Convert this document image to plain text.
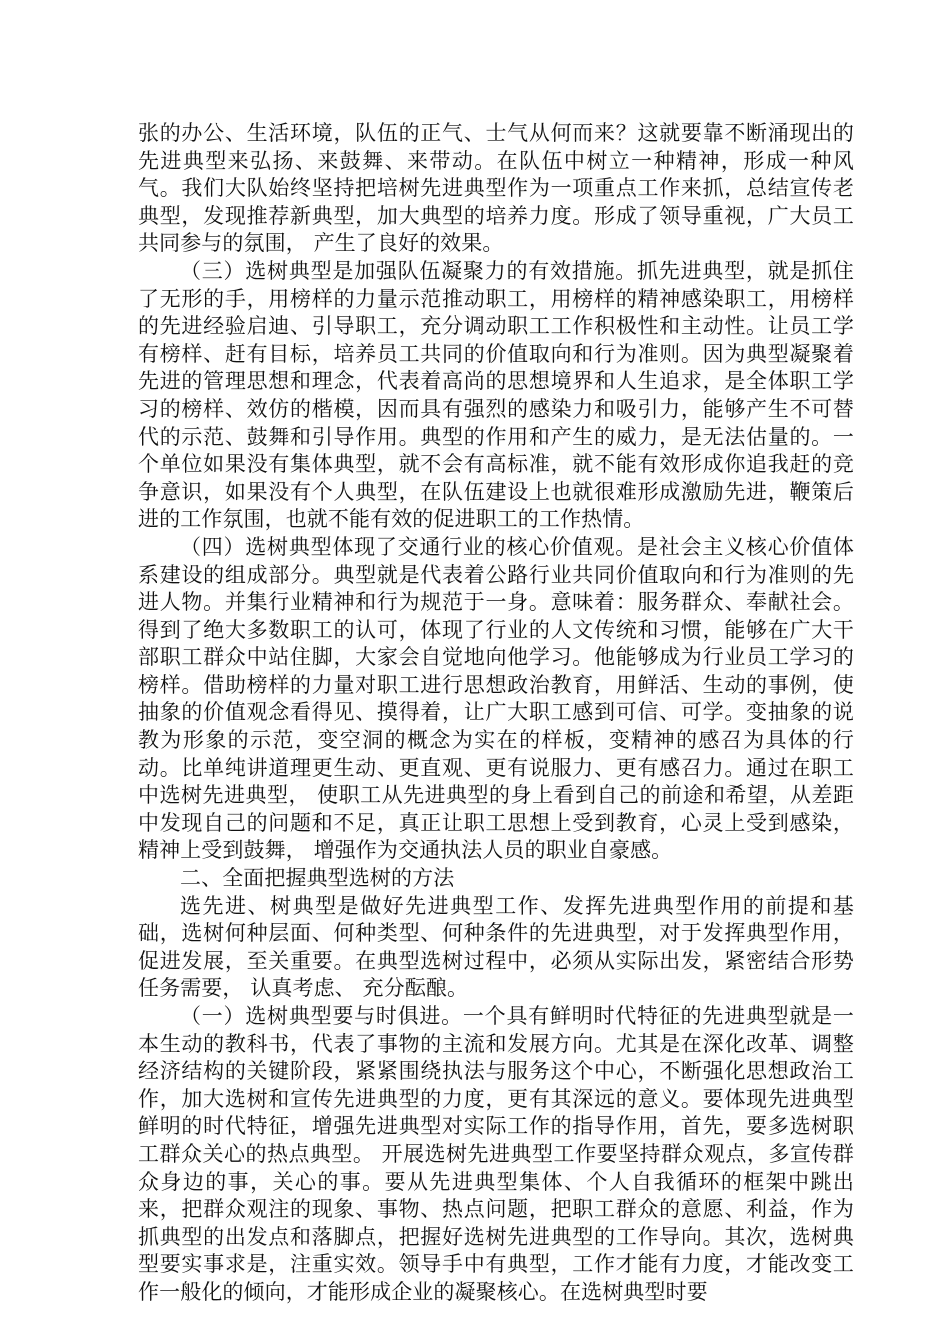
张的办公、生活环境，队伍的正气、士气从何而来？这就要靠不断涌现出的先进典型来弘扬、来鼓舞、来带动。在队伍中树立一种精神，形成一种风气。我们大队始终坚持把培树先进典型作为一项重点工作来抓，总结宣传老典型，发现推荐新典型，加大典型的培养力度。形成了领导重视，广大员工共同参与的氛围， 产生了良好的效果。

（三）选树典型是加强队伍凝聚力的有效措施。抓先进典型，就是抓住了无形的手，用榜样的力量示范推动职工，用榜样的精神感染职工，用榜样的先进经验启迪、引导职工，充分调动职工工作积极性和主动性。让员工学有榜样、赶有目标，培养员工共同的价值取向和行为准则。因为典型凝聚着先进的管理思想和理念，代表着高尚的思想境界和人生追求，是全体职工学习的榜样、效仿的楷模，因而具有强烈的感染力和吸引力，能够产生不可替代的示范、鼓舞和引导作用。典型的作用和产生的威力，是无法估量的。一个单位如果没有集体典型，就不会有高标准，就不能有效形成你追我赶的竞争意识，如果没有个人典型，在队伍建设上也就很难形成激励先进，鞭策后进的工作氛围，也就不能有效的促进职工的工作热情。

（四）选树典型体现了交通行业的核心价值观。是社会主义核心价值体系建设的组成部分。典型就是代表着公路行业共同价值取向和行为准则的先进人物。并集行业精神和行为规范于一身。意味着：服务群众、奉献社会。得到了绝大多数职工的认可，体现了行业的人文传统和习惯，能够在广大干部职工群众中站住脚，大家会自觉地向他学习。他能够成为行业员工学习的榜样。借助榜样的力量对职工进行思想政治教育，用鲜活、生动的事例，使抽象的价值观念看得见、摸得着，让广大职工感到可信、可学。变抽象的说教为形象的示范，变空洞的概念为实在的样板，变精神的感召为具体的行动。比单纯讲道理更生动、更直观、更有说服力、更有感召力。通过在职工中选树先进典型， 使职工从先进典型的身上看到自己的前途和希望，从差距中发现自己的问题和不足，真正让职工思想上受到教育，心灵上受到感染， 精神上受到鼓舞， 增强作为交通执法人员的职业自豪感。

二、全面把握典型选树的方法

选先进、树典型是做好先进典型工作、发挥先进典型作用的前提和基础，选树何种层面、何种类型、何种条件的先进典型，对于发挥典型作用，促进发展，至关重要。在典型选树过程中，必须从实际出发，紧密结合形势任务需要， 认真考虑、 充分酝酿。

（一）选树典型要与时俱进。一个具有鲜明时代特征的先进典型就是一本生动的教科书，代表了事物的主流和发展方向。尤其是在深化改革、调整经济结构的关键阶段，紧紧围绕执法与服务这个中心，不断强化思想政治工作，加大选树和宣传先进典型的力度，更有其深远的意义。要体现先进典型鲜明的时代特征，增强先进典型对实际工作的指导作用，首先，要多选树职工群众关心的热点典型。 开展选树先进典型工作要坚持群众观点，多宣传群众身边的事，关心的事。要从先进典型集体、个人自我循环的框架中跳出来，把群众观注的现象、事物、热点问题，把职工群众的意愿、利益，作为抓典型的出发点和落脚点，把握好选树先进典型的工作导向。其次，选树典型要实事求是，注重实效。领导手中有典型，工作才能有力度，才能改变工作一般化的倾向，才能形成企业的凝聚核心。在选树典型时要
